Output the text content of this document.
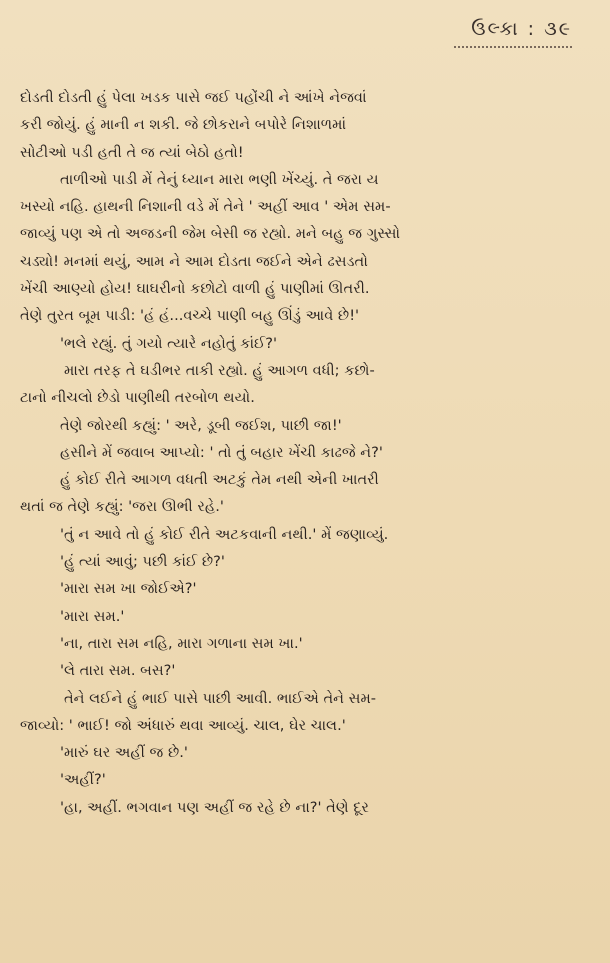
ઉલ્કા : ૩૯

દોડતી દોડતી હું પેલા ખડક પાસે જઈ પહોંચી ને આંખે નેજવાં

કરી જોયું. હું માની ન શકી. જે છોકરાને બપોરે નિશાળમાં

સોટીઓ પડી હતી તે જ ત્યાં બેઠો હતો!

તાળીઓ પાડી મેં તેનું ધ્યાન મારા ભણી ખેંચ્યું. તે જરા ય

ખસ્યો નહિ. હાથની નિશાની વડે મેં તેને ' અહીં આવ ' એમ સમ-

જાવ્યું પણ એ તો અજડની જેમ બેસી જ રહ્યો. મને બહુ જ ગુસ્સો

ચડ્યો! મનમાં થયું, આમ ને આમ દોડતા જઈને એને ઢસડતો

ખેંચી આણ્યો હોય! ઘાઘરીનો કછોટો વાળી હું પાણીમાં ઊતરી.

તેણે તુરત બૂમ પાડી: 'હં હં...વચ્ચે પાણી બહુ ઊંડું આવે છે!'

'ભલે રહ્યું. તું ગયો ત્યારે નહોતું કાંઈ?'

મારા તરફ તે ઘડીભર તાકી રહ્યો. હું આગળ વધી; કછો-

ટાનો નીચલો છેડો પાણીથી તરબોળ થયો.

તેણે જોરથી કહ્યું: ' અરે, ડૂબી જઈશ, પાછી જા!'

હસીને મેં જવાબ આપ્યો: ' તો તું બહાર ખેંચી કાઢજે ને?'

હું કોઈ રીતે આગળ વધતી અટકું તેમ નથી એની ખાતરી

થતાં જ તેણે કહ્યું: 'જરા ઊભી રહે.'

'તું ન આવે તો હું કોઈ રીતે અટકવાની નથી.' મેં જણાવ્યું.

'હું ત્યાં આવું; પછી કાંઈ છે?'

'મારા સમ ખા જોઈએ?'

'મારા સમ.'

'ના, તારા સમ નહિ, મારા ગળાના સમ ખા.'

'લે તારા સમ. બસ?'

તેને લઈને હું ભાઈ પાસે પાછી આવી. ભાઈએ તેને સમ-

જાવ્યો: ' ભાઈ! જો અંધારું થવા આવ્યું. ચાલ, ઘેર ચાલ.'

'મારું ઘર અહીં જ છે.'

'અહીં?'

'હા, અહીં. ભગવાન પણ અહીં જ રહે છે ના?' તેણે દૂર
